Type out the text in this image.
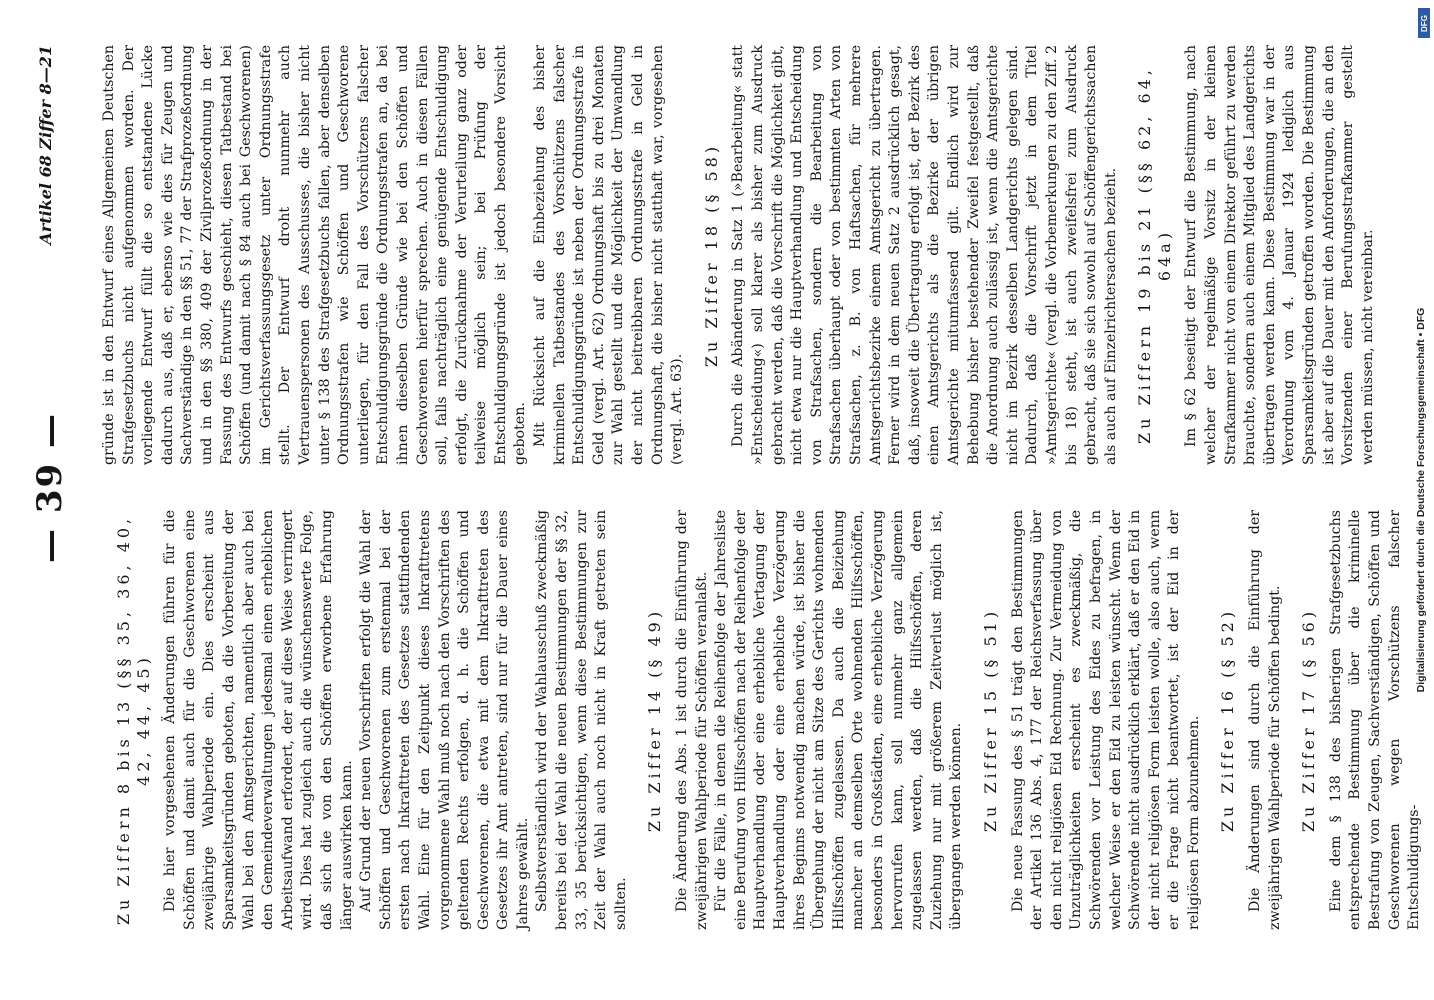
— 39 —
Artikel 68 Ziffer 8—21
Zu Ziffern 8 bis 13 (§§ 35, 36, 40, 42, 44, 45) Die hier vorgesehenen Änderungen führen für die Schöffen und damit auch für die Geschworenen eine zweijährige Wahlperiode ein. Dies erscheint aus Sparsamkeitsgründen geboten, da die Vorbereitung der Wahl bei den Amtsgerichten, namentlich aber auch bei den Gemeindeverwaltungen jedesmal einen erheblichen Arbeitsaufwand erfordert, der auf diese Weise verringert wird. Dies hat zugleich auch die wünschenswerte Folge, daß sich die von den Schöffen erworbene Erfahrung länger auswirken kann. Auf Grund der neuen Vorschriften erfolgt die Wahl der Schöffen und Geschworenen zum erstenmal bei der ersten nach Inkrafttreten des Gesetzes stattfindenden Wahl. Eine für den Zeitpunkt dieses Inkrafttretens vorgenommene Wahl muß noch nach den Vorschriften des geltenden Rechts erfolgen, d. h. die Schöffen und Geschworenen, die etwa mit dem Inkrafttreten des Gesetzes ihr Amt antreten, sind nur für die Dauer eines Jahres gewählt. Selbstverständlich wird der Wahlausschuß zweckmäßig bereits bei der Wahl die neuen Bestimmungen der §§ 32, 33, 35 berücksichtigen, wenn diese Bestimmungen zur Zeit der Wahl auch noch nicht in Kraft getreten sein sollten.

Zu Ziffer 14 (§ 49) Die Änderung des Abs. 1 ist durch die Einführung der zweijährigen Wahlperiode für Schöffen veranlaßt. Für die Fälle, in denen die Reihenfolge der Jahresliste eine Berufung von Hilfsschöffen nach der Reihenfolge der Hauptverhandlung oder eine erhebliche Vertagung der Hauptverhandlung oder eine erhebliche Verzögerung ihres Beginns notwendig machen würde, ist bisher die Übergehung der nicht am Sitze des Gerichts wohnenden Hilfsschöffen zugelassen. Da auch die Beiziehung mancher an demselben Orte wohnenden Hilfsschöffen, besonders in Großstädten, eine erhebliche Verzögerung hervorrufen kann, soll nunmehr ganz allgemein zugelassen werden, daß die Hilfsschöffen, deren Zuziehung nur mit größerem Zeitverlust möglich ist, übergangen werden können. Zu Ziffer 15 (§ 51) Die neue Fassung des § 51 trägt den Bestimmungen der Artikel 136 Abs. 4, 177 der Reichsverfassung über den nicht religiösen Eid Rechnung. Zur Vermeidung von Unzuträglichkeiten erscheint es zweckmäßig, die Schwörenden vor Leistung des Eides zu befragen, in welcher Weise er den Eid zu leisten wünscht. Wenn der Schwörende nicht ausdrücklich erklärt, daß er den Eid in der nicht religiösen Form leisten wolle, also auch, wenn er die Frage nicht beantwortet, ist der Eid in der religiösen Form abzunehmen. Zu Ziffer 16 (§ 52) Die Änderungen sind durch die Einführung der zweijährigen Wahlperiode für Schöffen bedingt. Zu Ziffer 17 (§ 56) Eine dem § 138 des bisherigen Strafgesetzbuchs entsprechende Bestimmung über die kriminelle Bestrafung von Zeugen, Sachverständigen, Schöffen und Geschworenen wegen Vorschützens falscher Entschuldigungs-

gründe ist in den Entwurf eines Allgemeinen Deutschen Strafgesetzbuchs nicht aufgenommen worden. Der vorliegende Entwurf füllt die so entstandene Lücke dadurch aus, daß er, ebenso wie dies für Zeugen und Sachverständige in den §§ 51, 77 der Strafprozeßordnung und in den §§ 380, 409 der Zivilprozeßordnung in der Fassung des Entwurfs geschieht, diesen Tatbestand bei Schöffen (und damit nach § 84 auch bei Geschworenen) im Gerichtsverfassungsgesetz unter Ordnungsstrafe stellt. Der Entwurf droht nunmehr auch Vertrauenspersonen des Ausschusses, die bisher nicht unter § 138 des Strafgesetzbuchs fallen, aber denselben Ordnungsstrafen wie Schöffen und Geschworene unterliegen, für den Fall des Vorschützens falscher Entschuldigungsgründe die Ordnungsstrafen an, da bei ihnen dieselben Gründe wie bei den Schöffen und Geschworenen hierfür sprechen. Auch in diesen Fällen soll, falls nachträglich eine genügende Entschuldigung erfolgt, die Zurücknahme der Verurteilung ganz oder teilweise möglich sein; bei Prüfung der Entschuldigungsgründe ist jedoch besondere Vorsicht geboten. Mit Rücksicht auf die Einbeziehung des bisher kriminellen Tatbestandes des Vorschützens falscher Entschuldigungsgründe ist neben der Ordnungsstrafe in Geld (vergl. Art. 62) Ordnungshaft bis zu drei Monaten zur Wahl gestellt und die Möglichkeit der Umwandlung der nicht beitreibbaren Ordnungsstrafe in Geld in Ordnungshaft, die bisher nicht statthaft war, vorgesehen (vergl. Art. 63).

Zu Ziffer 18 (§ 58) Durch die Abänderung in Satz 1 (»Bearbeitung« statt »Entscheidung«) soll klarer als bisher zum Ausdruck gebracht werden, daß die Vorschrift die Möglichkeit gibt, nicht etwa nur die Hauptverhandlung und Entscheidung von Strafsachen, sondern die Bearbeitung von Strafsachen überhaupt oder von bestimmten Arten von Strafsachen, z. B. von Haftsachen, für mehrere Amtsgerichtsbezirke einem Amtsgericht zu übertragen. Ferner wird in dem neuen Satz 2 ausdrücklich gesagt, daß, insoweit die Übertragung erfolgt ist, der Bezirk des einen Amtsgerichts als die Bezirke der übrigen Amtsgerichte mitumfassend gilt. Endlich wird zur Behebung bisher bestehender Zweifel festgestellt, daß die Anordnung auch zulässig ist, wenn die Amtsgerichte nicht im Bezirk desselben Landgerichts gelegen sind. Dadurch, daß die Vorschrift jetzt in dem Titel »Amtsgerichte« (vergl. die Vorbemerkungen zu den Ziff. 2 bis 18) steht, ist auch zweifelsfrei zum Ausdruck gebracht, daß sie sich sowohl auf Schöffengerichtssachen als auch auf Einzelrichtersachen bezieht. Zu Ziffern 19 bis 21 (§§ 62, 64, 64a) Im § 62 beseitigt der Entwurf die Bestimmung, nach welcher der regelmäßige Vorsitz in der kleinen Strafkammer nicht von einem Direktor geführt zu werden brauchte, sondern auch einem Mitglied des Landgerichts übertragen werden kann. Diese Bestimmung war in der Verordnung vom 4. Januar 1924 lediglich aus Sparsamkeitsgründen getroffen worden. Die Bestimmung ist aber auf die Dauer mit den Anforderungen, die an den Vorsitzenden einer Berufungsstrafkammer gestellt werden müssen, nicht vereinbar.

DFG
Digitalisierung gefördert durch die Deutsche Forschungsgemeinschaft • DFG
